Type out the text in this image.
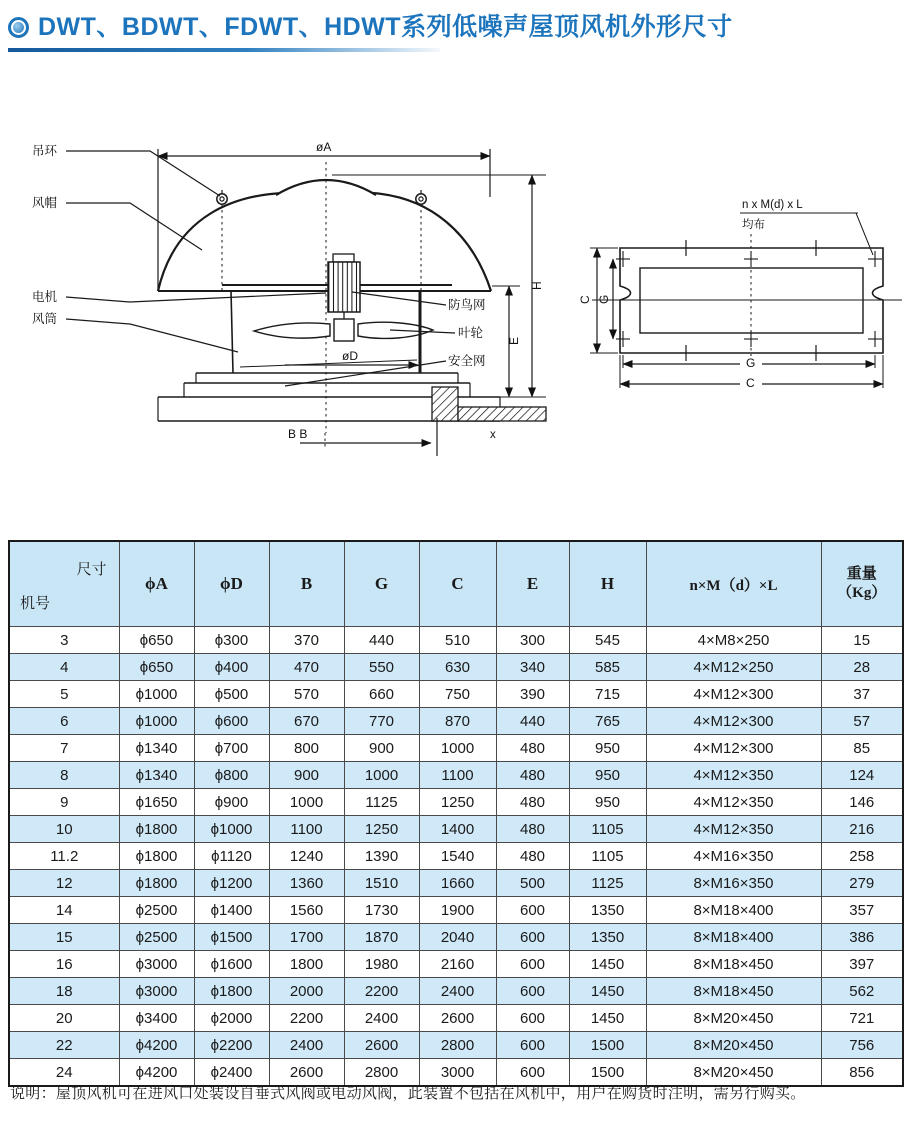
DWT、BDWT、FDWT、HDWT系列低噪声屋顶风机外形尺寸
吊环
风帽
电机
风筒
防鸟网
叶轮
安全网
øA
øD
H
E
B B	x
n x M(d) x L
均布
C G
G
C
尺寸
机号	ϕA	ϕD	B	G	C	E	H	n×M（d）×L	重量
（Kg）

3	ϕ650	ϕ300	370	440	510	300	545	4×M8×250	15
4	ϕ650	ϕ400	470	550	630	340	585	4×M12×250	28
5	ϕ1000	ϕ500	570	660	750	390	715	4×M12×300	37
6	ϕ1000	ϕ600	670	770	870	440	765	4×M12×300	57
7	ϕ1340	ϕ700	800	900	1000	480	950	4×M12×300	85
8	ϕ1340	ϕ800	900	1000	1100	480	950	4×M12×350	124
9	ϕ1650	ϕ900	1000	1125	1250	480	950	4×M12×350	146
10	ϕ1800	ϕ1000	1100	1250	1400	480	1105	4×M12×350	216
11.2	ϕ1800	ϕ1120	1240	1390	1540	480	1105	4×M16×350	258
12	ϕ1800	ϕ1200	1360	1510	1660	500	1125	8×M16×350	279
14	ϕ2500	ϕ1400	1560	1730	1900	600	1350	8×M18×400	357
15	ϕ2500	ϕ1500	1700	1870	2040	600	1350	8×M18×400	386
16	ϕ3000	ϕ1600	1800	1980	2160	600	1450	8×M18×450	397
18	ϕ3000	ϕ1800	2000	2200	2400	600	1450	8×M18×450	562
20	ϕ3400	ϕ2000	2200	2400	2600	600	1450	8×M20×450	721
22	ϕ4200	ϕ2200	2400	2600	2800	600	1500	8×M20×450	756
24	ϕ4200	ϕ2400	2600	2800	3000	600	1500	8×M20×450	856

说明：屋顶风机可在进风口处装设自垂式风阀或电动风阀，此装置不包括在风机中，用户在购货时注明，需另行购买。
